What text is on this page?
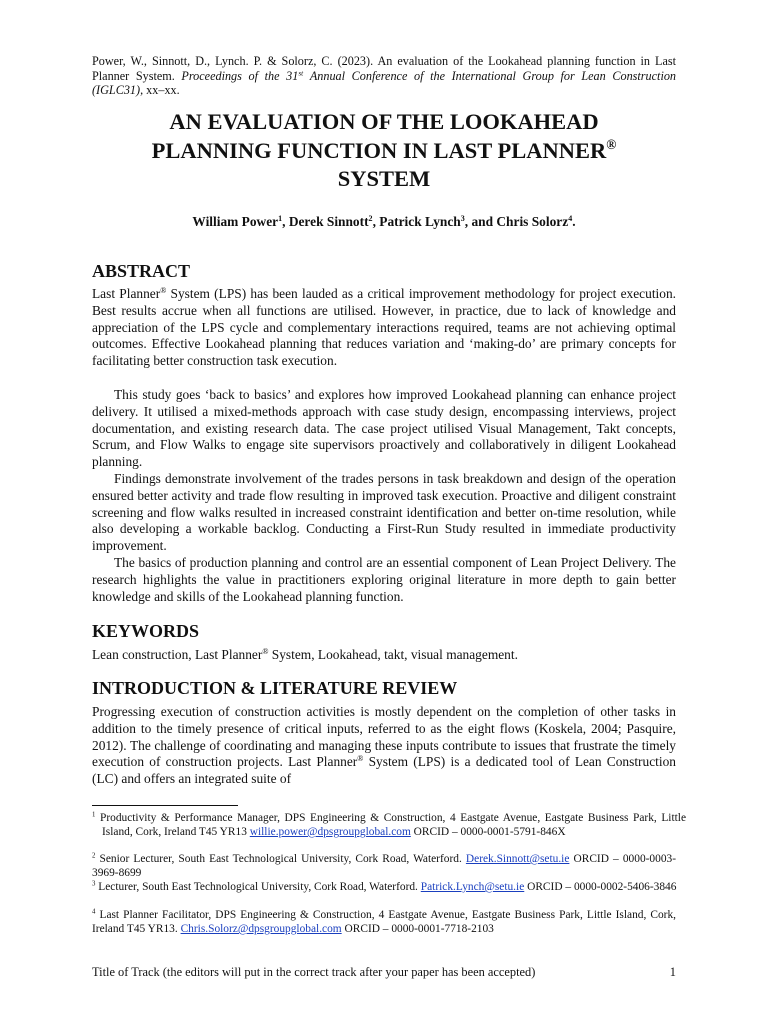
Power, W., Sinnott, D., Lynch. P. & Solorz, C. (2023). An evaluation of the Lookahead planning function in Last Planner System. Proceedings of the 31st Annual Conference of the International Group for Lean Construction (IGLC31), xx–xx.

AN EVALUATION OF THE LOOKAHEAD
PLANNING FUNCTION IN LAST PLANNER®
SYSTEM
William Power$^1$, Derek Sinnott$^2$, Patrick Lynch$^3$, and Chris Solorz$^4$.
ABSTRACT

Last Planner® System (LPS) has been lauded as a critical improvement methodology for project execution. Best results accrue when all functions are utilised. However, in practice, due to lack of knowledge and appreciation of the LPS cycle and complementary interactions required, teams are not achieving optimal outcomes. Effective Lookahead planning that reduces variation and ‘making-do’ are primary concepts for facilitating better construction task execution.

This study goes ‘back to basics’ and explores how improved Lookahead planning can enhance project delivery. It utilised a mixed-methods approach with case study design, encompassing interviews, project documentation, and existing research data. The case project utilised Visual Management, Takt concepts, Scrum, and Flow Walks to engage site supervisors proactively and collaboratively in diligent Lookahead planning.

Findings demonstrate involvement of the trades persons in task breakdown and design of the operation ensured better activity and trade flow resulting in improved task execution. Proactive and diligent constraint screening and flow walks resulted in increased constraint identification and better on-time resolution, while also developing a workable backlog. Conducting a First-Run Study resulted in immediate productivity improvement.

The basics of production planning and control are an essential component of Lean Project Delivery. The research highlights the value in practitioners exploring original literature in more depth to gain better knowledge and skills of the Lookahead planning function.

KEYWORDS

Lean construction, Last Planner® System, Lookahead, takt, visual management.

INTRODUCTION & LITERATURE REVIEW

Progressing execution of construction activities is mostly dependent on the completion of other tasks in addition to the timely presence of critical inputs, referred to as the eight flows (Koskela, 2004; Pasquire, 2012). The challenge of coordinating and managing these inputs contribute to issues that frustrate the timely execution of construction projects. Last Planner® System (LPS) is a dedicated tool of Lean Construction (LC) and offers an integrated suite of

$^1$ Productivity & Performance Manager, DPS Engineering & Construction, 4 Eastgate Avenue, Eastgate Business Park, Little Island, Cork, Ireland T45 YR13 willie.power@dpsgroupglobal.com ORCID – 0000-0001-5791-846X

$^2$ Senior Lecturer, South East Technological University, Cork Road, Waterford. Derek.Sinnott@setu.ie ORCID – 0000-0003-3969-8699

$^3$ Lecturer, South East Technological University, Cork Road, Waterford. Patrick.Lynch@setu.ie ORCID – 0000-0002-5406-3846

$^4$ Last Planner Facilitator, DPS Engineering & Construction, 4 Eastgate Avenue, Eastgate Business Park, Little Island, Cork, Ireland T45 YR13. Chris.Solorz@dpsgroupglobal.com ORCID – 0000-0001-7718-2103

Title of Track (the editors will put in the correct track after your paper has been accepted)	1
